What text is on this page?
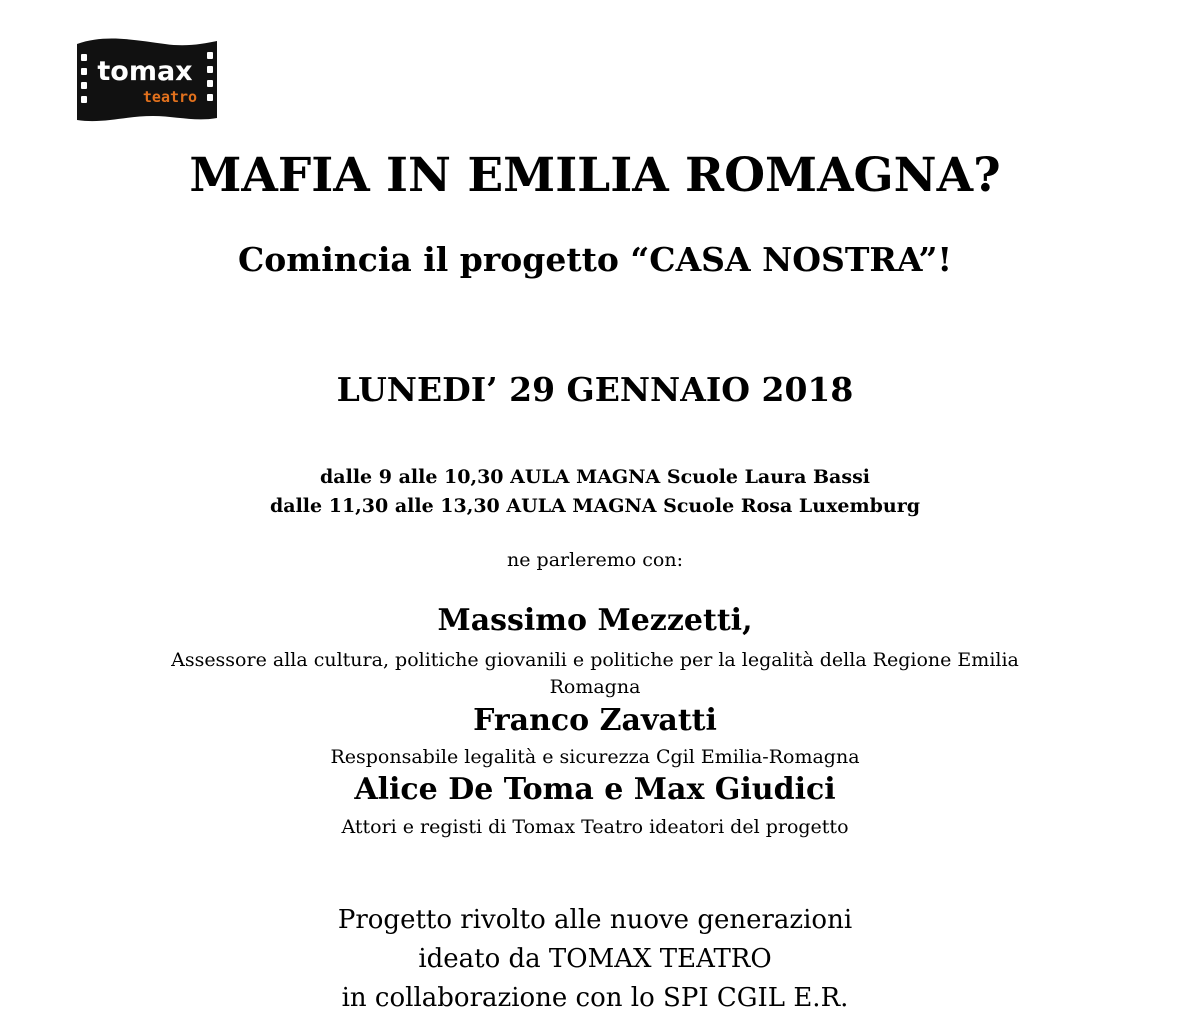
tomax
teatro
MAFIA IN EMILIA ROMAGNA?
Comincia il progetto “CASA NOSTRA”!
LUNEDI’ 29 GENNAIO 2018
dalle 9 alle 10,30 AULA MAGNA Scuole Laura Bassi
dalle 11,30 alle 13,30 AULA MAGNA Scuole Rosa Luxemburg
ne parleremo con:
Massimo Mezzetti,
Assessore alla cultura, politiche giovanili e politiche per la legalità della Regione Emilia
Romagna
Franco Zavatti
Responsabile legalità e sicurezza Cgil Emilia-Romagna
Alice De Toma e Max Giudici
Attori e registi di Tomax Teatro ideatori del progetto
Progetto rivolto alle nuove generazioni
ideato da TOMAX TEATRO
in collaborazione con lo SPI CGIL E.R.
